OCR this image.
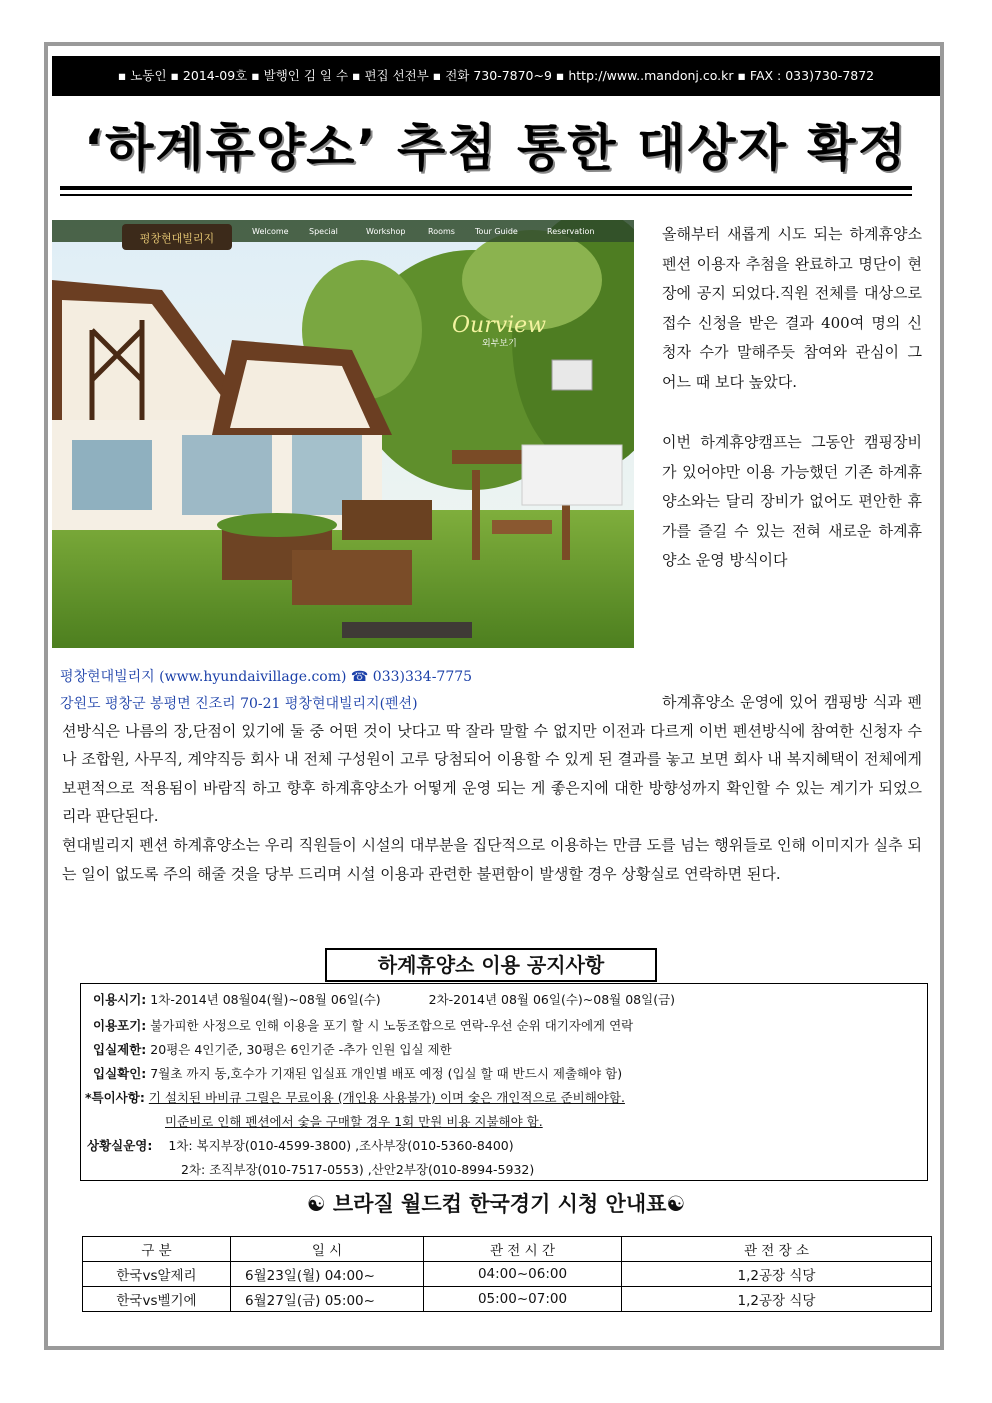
▪ 노동인 ▪ 2014-09호 ▪ 발행인 김 일 수 ▪ 편집 선전부 ▪ 전화 730-7870~9 ▪ http://www..mandonj.co.kr ▪ FAX : 033)730-7872
‘하계휴양소’ 추첨 통한 대상자 확정
평창현대빌리지
Welcome	Special	Workshop	Rooms	Tour Guide	Reservation
Ourview
외부보기

올해부터 새롭게 시도 되는 하계휴양소 펜션 이용자 추첨을 완료하고 명단이 현장에 공지 되었다.직원 전체를 대상으로 접수 신청을 받은 결과 400여 명의 신청자 수가 말해주듯 참여와 관심이 그 어느 때 보다 높았다.

이번 하계휴양캠프는 그동안 캠핑장비가 있어야만 이용 가능했던 기존 하계휴양소와는 달리 장비가 없어도 편안한 휴가를 즐길 수 있는 전혀 새로운 하계휴양소 운영 방식이다

평창현대빌리지 (www.hyundaivillage.com) ☎ 033)334-7775
강원도 평창군 봉평면 진조리 70-21 평창현대빌리지(펜션)	하계휴양소 운영에 있어 캠핑방 식과 펜션방식은 나름의 장,단점이 있기에 둘 중 어떤 것이 낫다고 딱 잘라 말할 수 없지만 이전과 다르게 이번 펜션방식에 참여한 신청자 수나 조합원, 사무직, 계약직등 회사 내 전체 구성원이 고루 당첨되어 이용할 수 있게 된 결과를 놓고 보면 회사 내 복지혜택이 전체에게 보편적으로 적용됨이 바람직 하고 향후 하계휴양소가 어떻게 운영 되는 게 좋은지에 대한 방향성까지 확인할 수 있는 계기가 되었으리라 판단된다.

현대빌리지 펜션 하계휴양소는 우리 직원들이 시설의 대부분을 집단적으로 이용하는 만큼 도를 넘는 행위들로 인해 이미지가 실추 되는 일이 없도록 주의 해줄 것을 당부 드리며 시설 이용과 관련한 불편함이 발생할 경우 상황실로 연락하면 된다.

하계휴양소 이용 공지사항
이용시기: 1차-2014년 08월04(월)~08월 06일(수)	2차-2014년 08월 06일(수)~08월 08일(금)
이용포기: 불가피한 사정으로 인해 이용을 포기 할 시 노동조합으로 연락-우선 순위 대기자에게 연락
입실제한: 20평은 4인기준, 30평은 6인기준 -추가 인원 입실 제한
입실확인: 7월초 까지 동,호수가 기재된 입실표 개인별 배포 예정 (입실 할 때 반드시 제출해야 함)
*특이사항: 기 설치된 바비큐 그릴은 무료이용 (개인용 사용불가) 이며 숯은 개인적으로 준비해야함.
미준비로 인해 펜션에서 숯을 구매할 경우 1회 만원 비용 지불해야 함.
상황실운영: 1차: 복지부장(010-4599-3800) ,조사부장(010-5360-8400)
2차: 조직부장(010-7517-0553) ,산안2부장(010-8994-5932)
☯ 브라질 월드컵 한국경기 시청 안내표☯
구 분	일 시	관 전 시 간	관 전 장 소
한국vs알제리	6월23일(월) 04:00~	04:00~06:00	1,2공장 식당
한국vs벨기에	6월27일(금) 05:00~	05:00~07:00	1,2공장 식당
